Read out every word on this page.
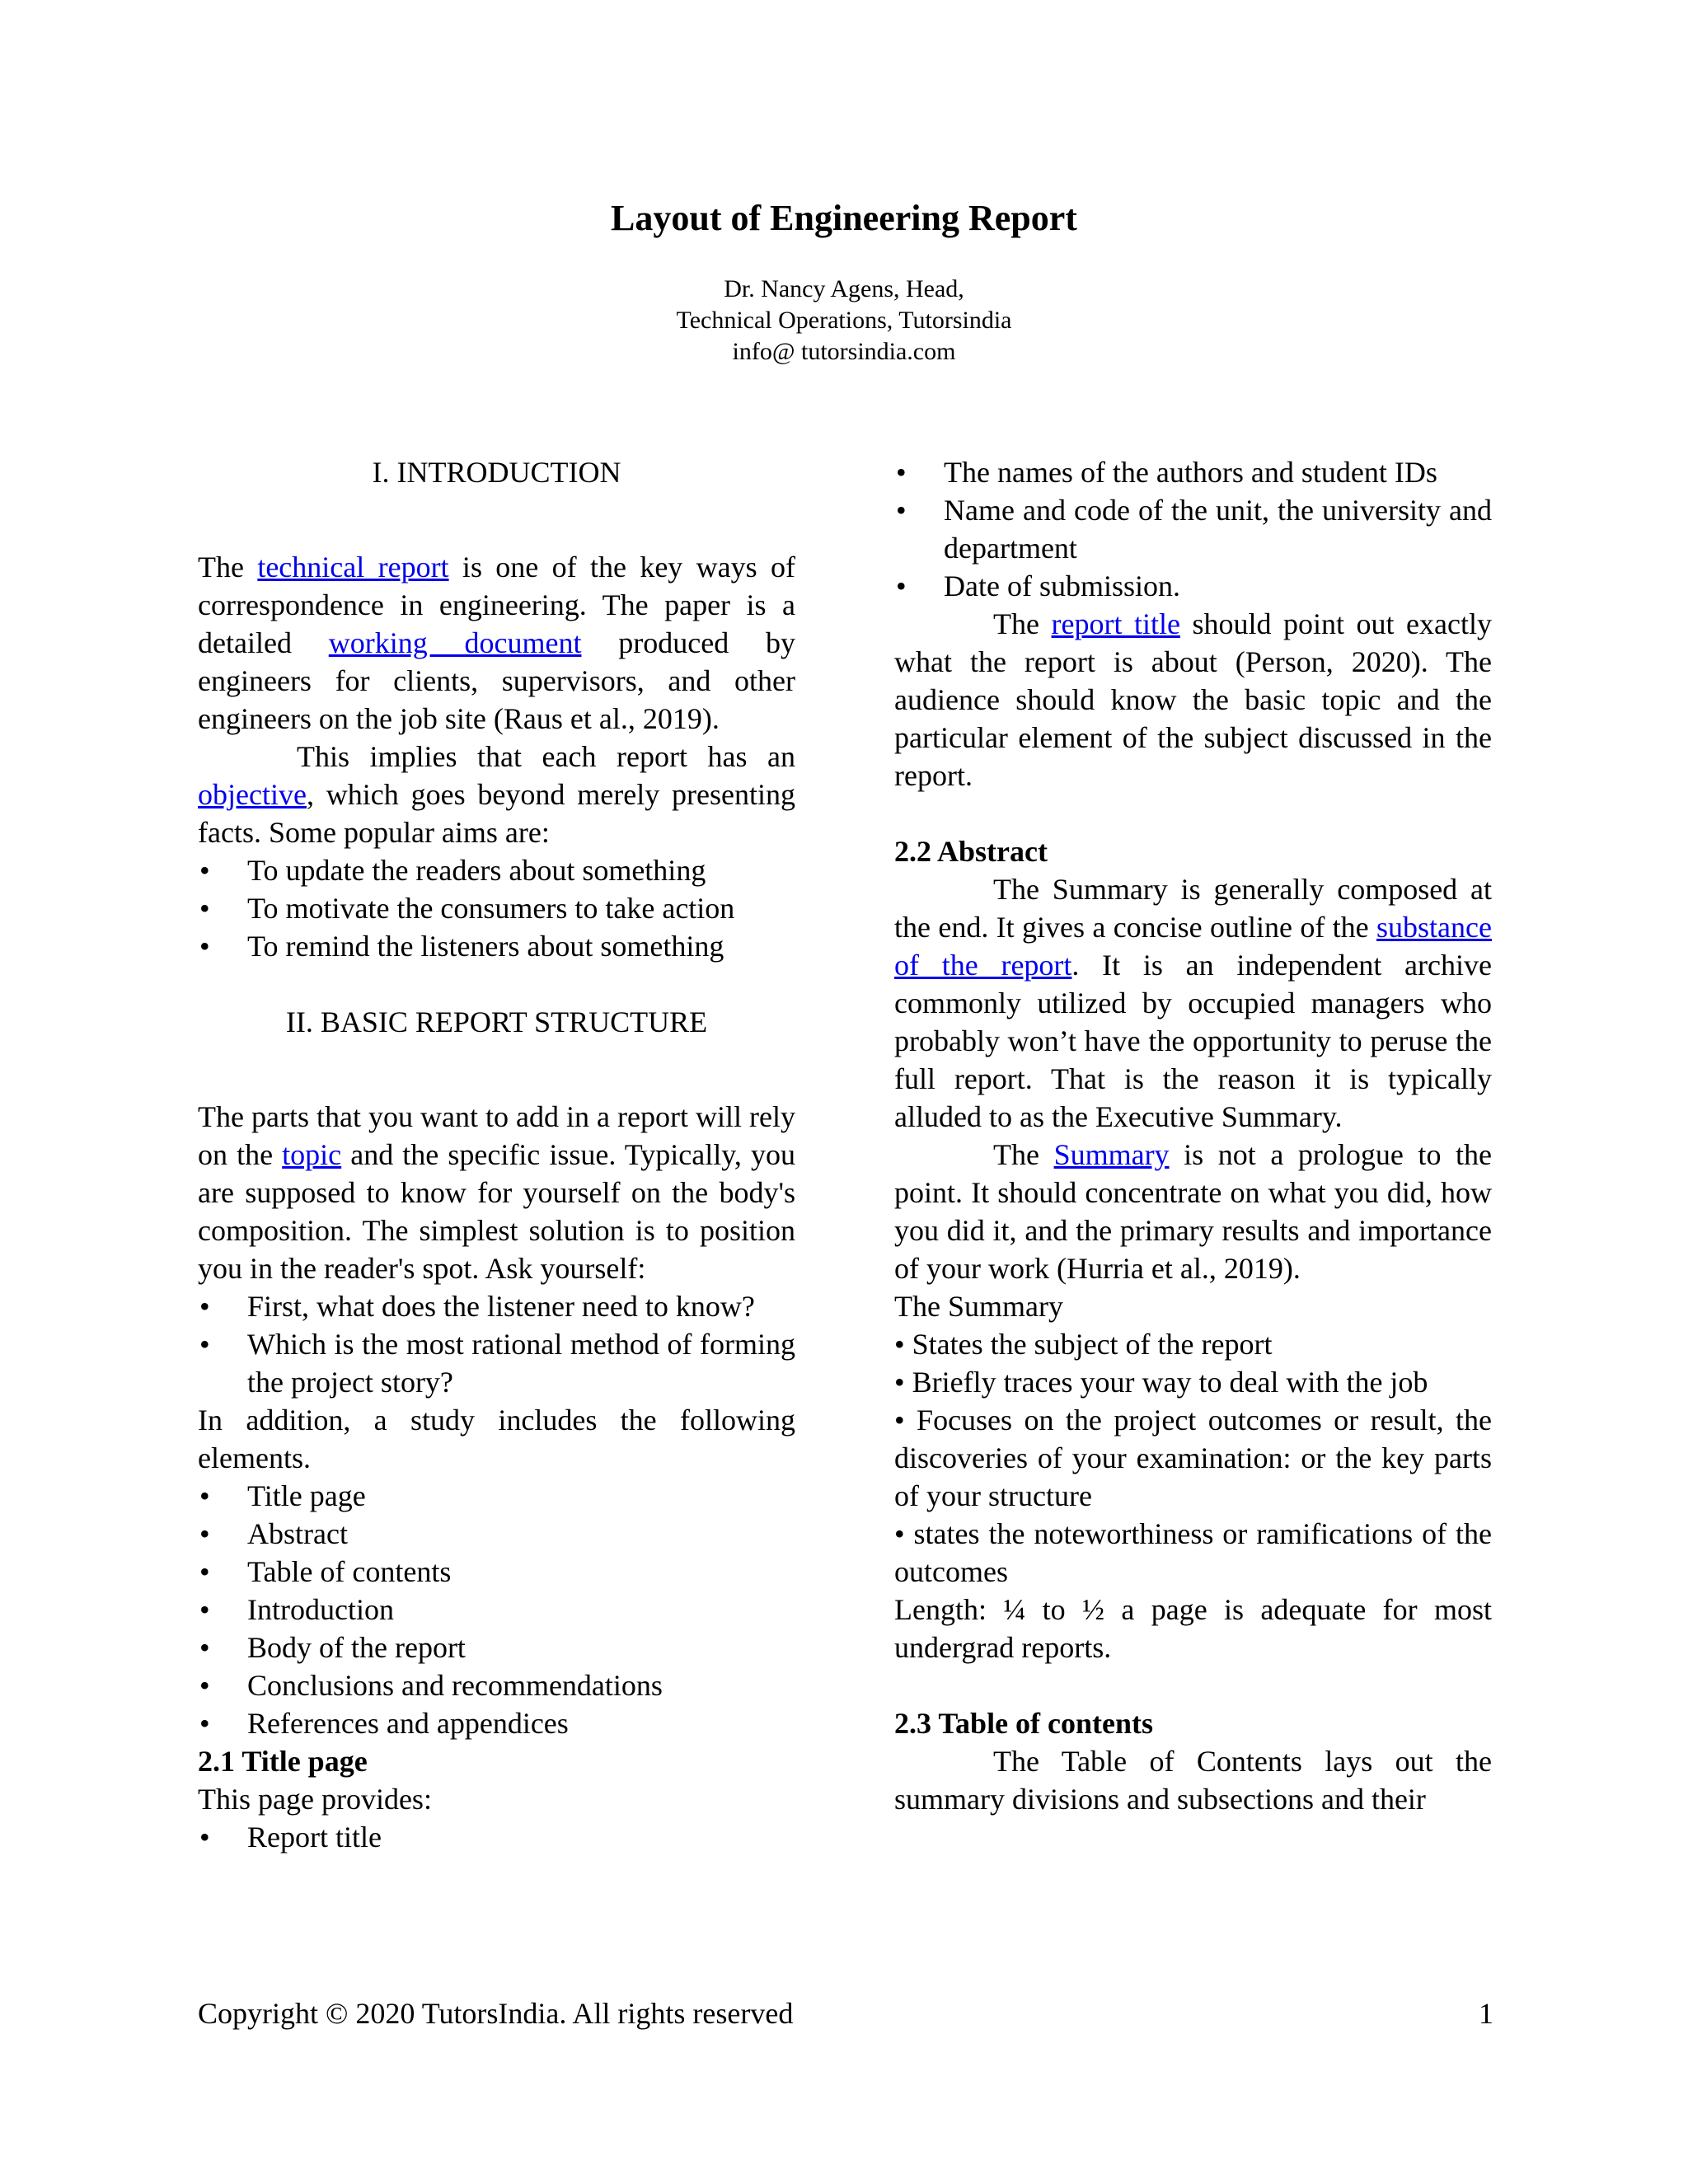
Layout of Engineering Report
Dr. Nancy Agens, Head,
Technical Operations, Tutorsindia
info@ tutorsindia.com

I. INTRODUCTION

The technical report is one of the key ways of correspondence in engineering. The paper is a detailed working document produced by engineers for clients, supervisors, and other engineers on the job site (Raus et al., 2019).

This implies that each report has an objective, which goes beyond merely presenting facts. Some popular aims are:

• To update the readers about something
• To motivate the consumers to take action
• To remind the listeners about something

II. BASIC REPORT STRUCTURE

The parts that you want to add in a report will rely on the topic and the specific issue. Typically, you are supposed to know for yourself on the body's composition. The simplest solution is to position you in the reader's spot. Ask yourself:

• First, what does the listener need to know?
• Which is the most rational method of forming the project story?

In addition, a study includes the following elements.

• Title page
• Abstract
• Table of contents
• Introduction
• Body of the report
• Conclusions and recommendations
• References and appendices

2.1 Title page

This page provides:

• Report title
• The names of the authors and student IDs
• Name and code of the unit, the university and department
• Date of submission.

The report title should point out exactly what the report is about (Person, 2020). The audience should know the basic topic and the particular element of the subject discussed in the report.

2.2 Abstract

The Summary is generally composed at the end. It gives a concise outline of the substance of the report. It is an independent archive commonly utilized by occupied managers who probably won’t have the opportunity to peruse the full report. That is the reason it is typically alluded to as the Executive Summary.

The Summary is not a prologue to the point. It should concentrate on what you did, how you did it, and the primary results and importance of your work (Hurria et al., 2019).

The Summary

• States the subject of the report

• Briefly traces your way to deal with the job

• Focuses on the project outcomes or result, the discoveries of your examination: or the key parts of your structure

• states the noteworthiness or ramifications of the outcomes

Length: ¼ to ½ a page is adequate for most undergrad reports.

2.3 Table of contents

The Table of Contents lays out the summary divisions and subsections and their

Copyright © 2020 TutorsIndia. All rights reserved	1
